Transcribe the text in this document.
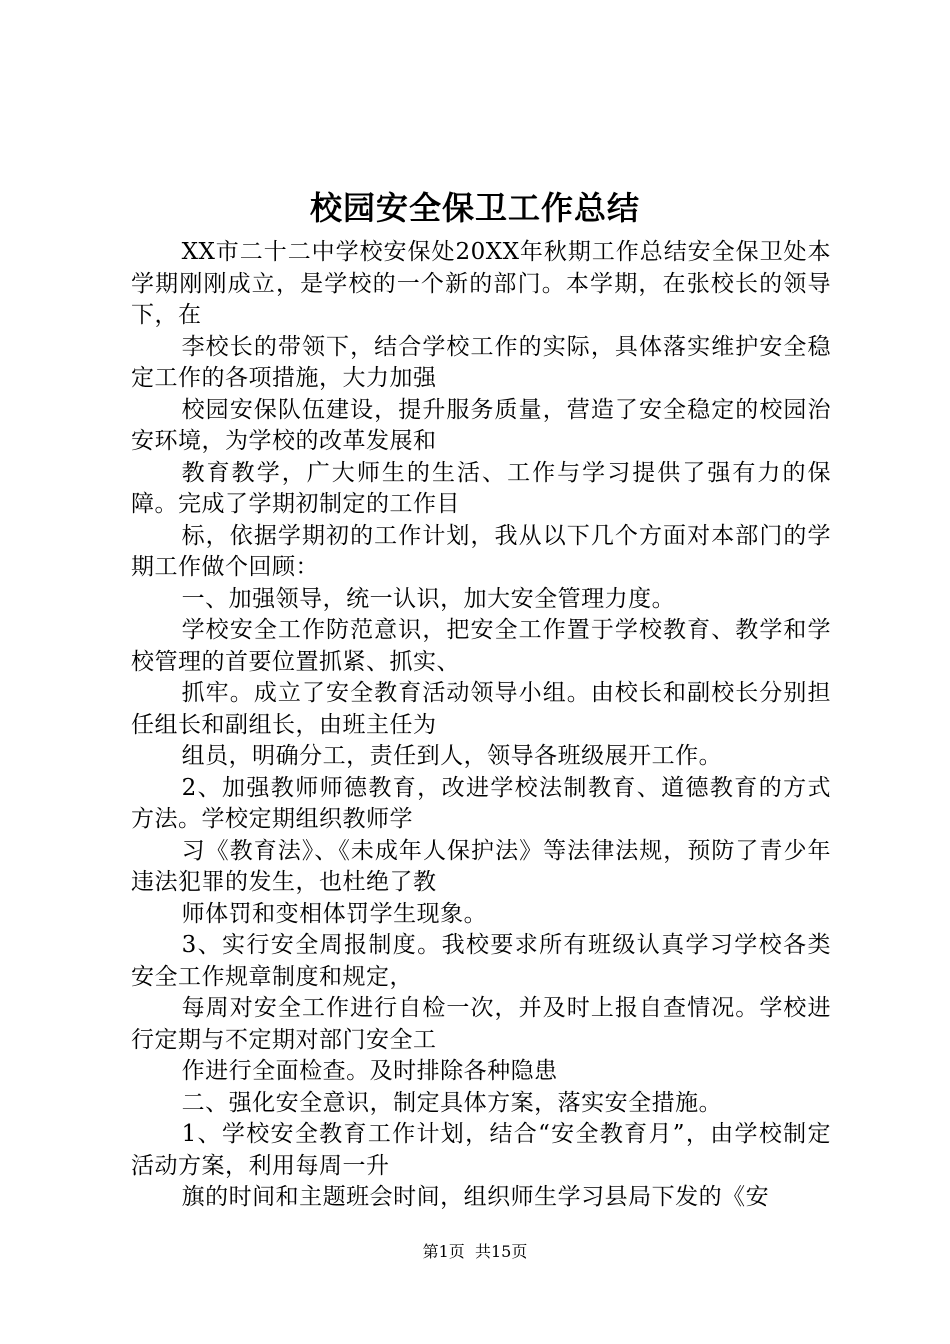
校园安全保卫工作总结

XX市二十二中学校安保处20XX年秋期工作总结安全保卫处本学期刚刚成立，是学校的一个新的部门。本学期，在张校长的领导下，在

李校长的带领下，结合学校工作的实际，具体落实维护安全稳定工作的各项措施，大力加强

校园安保队伍建设，提升服务质量，营造了安全稳定的校园治安环境，为学校的改革发展和

教育教学，广大师生的生活、工作与学习提供了强有力的保障。完成了学期初制定的工作目

标，依据学期初的工作计划，我从以下几个方面对本部门的学期工作做个回顾：

一、加强领导，统一认识，加大安全管理力度。

学校安全工作防范意识，把安全工作置于学校教育、教学和学校管理的首要位置抓紧、抓实、

抓牢。成立了安全教育活动领导小组。由校长和副校长分别担任组长和副组长，由班主任为

组员，明确分工，责任到人，领导各班级展开工作。

2、加强教师师德教育，改进学校法制教育、道德教育的方式方法。学校定期组织教师学

习《教育法》、《未成年人保护法》等法律法规，预防了青少年违法犯罪的发生，也杜绝了教

师体罚和变相体罚学生现象。

3、实行安全周报制度。我校要求所有班级认真学习学校各类安全工作规章制度和规定，

每周对安全工作进行自检一次，并及时上报自查情况。学校进行定期与不定期对部门安全工

作进行全面检查。及时排除各种隐患

二、强化安全意识，制定具体方案，落实安全措施。

1、学校安全教育工作计划，结合“安全教育月”，由学校制定活动方案，利用每周一升

旗的时间和主题班会时间，组织师生学习县局下发的《安

第1页 共15页
